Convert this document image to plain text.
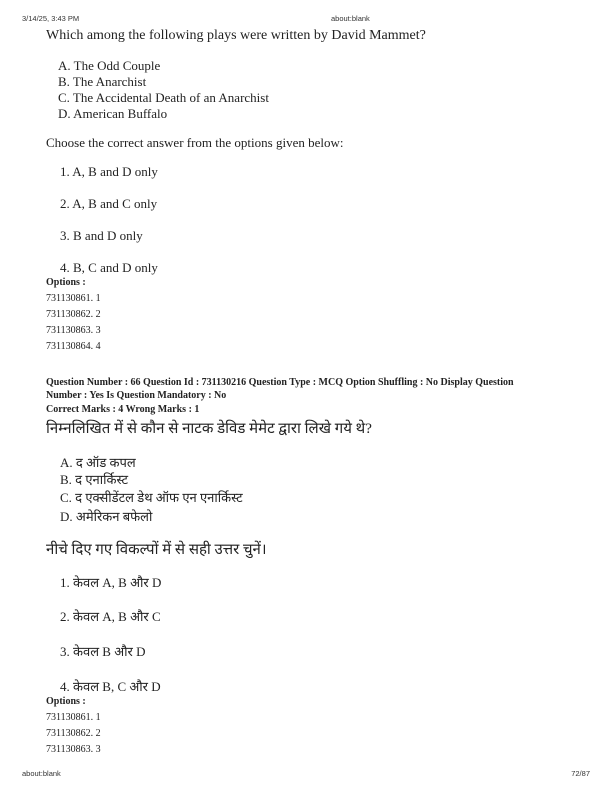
3/14/25, 3:43 PM	about:blank
Which among the following plays were written by David Mammet?
A. The Odd Couple
B. The Anarchist
C. The Accidental Death of an Anarchist
D. American Buffalo
Choose the correct answer from the options given below:
1. A, B and D only
2. A, B and C only
3. B and D only
4. B, C and D only
Options :
731130861. 1
731130862. 2
731130863. 3
731130864. 4
Question Number : 66 Question Id : 731130216 Question Type : MCQ Option Shuffling : No Display Question
Number : Yes Is Question Mandatory : No
Correct Marks : 4 Wrong Marks : 1
निम्नलिखित में से कौन से नाटक डेविड मेमेट द्वारा लिखे गये थे?
A. द ऑड कपल
B. द एनार्किस्ट
C. द एक्सीडेंटल डेथ ऑफ एन एनार्किस्ट
D. अमेरिकन बफेलो
नीचे दिए गए विकल्पों में से सही उत्तर चुनें।
1. केवल A, B और D
2. केवल A, B और C
3. केवल B और D
4. केवल B, C और D
Options :
731130861. 1
731130862. 2
731130863. 3
about:blank	72/87
